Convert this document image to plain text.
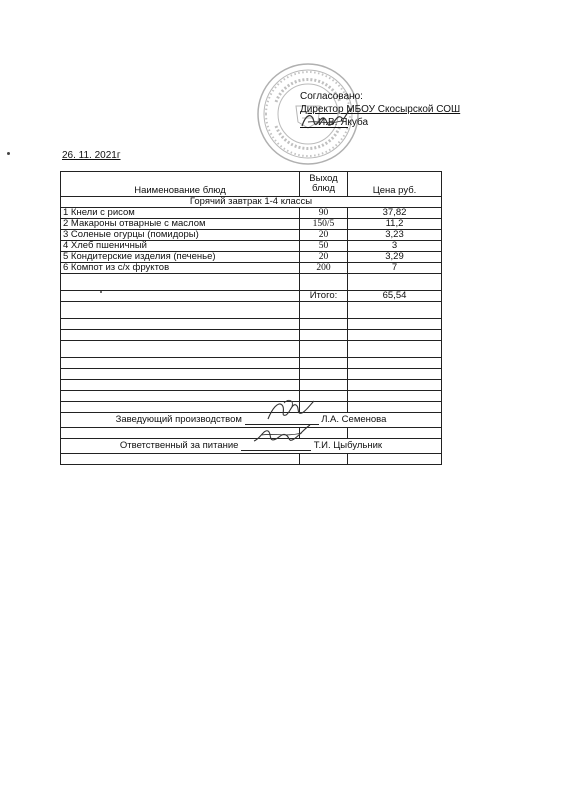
Согласовано:
Директор МБОУ Скосырской СОШ
И.В. Якуба
26. 11. 2021г
Наименование блюд	Выход блюд	Цена руб.
Горячий завтрак 1-4 классы		
1 Кнели с рисом	90	37,82
2 Макароны отварные с маслом	150/5	11,2
3 Соленые огурцы (помидоры)	20	3,23
4 Хлеб пшеничный	50	3
5 Кондитерские изделия (печенье)	20	3,29
6 Компот из с/х фруктов	200	7

	Итого:	65,54

Заведующий производством Л.А. Семенова		

Ответственный за питание Т.И. Цыбульник		
